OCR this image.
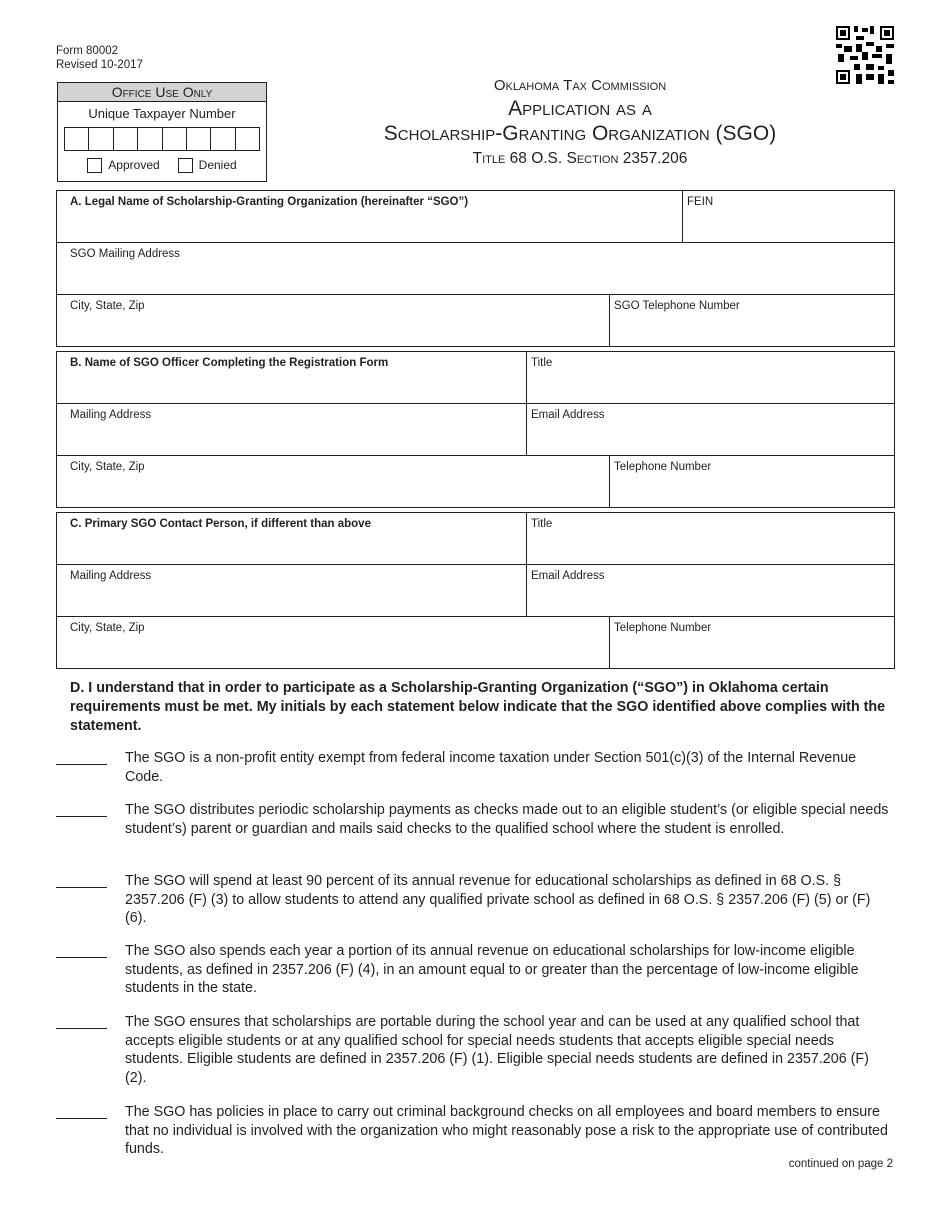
Form 80002
Revised 10-2017
Office Use Only
Unique Taxpayer Number
Approved	Denied
Oklahoma Tax Commission
Application as a
Scholarship-Granting Organization (SGO)
Title 68 O.S. Section 2357.206
A. Legal Name of Scholarship-Granting Organization (hereinafter “SGO”)	FEIN
SGO Mailing Address
City, State, Zip	SGO Telephone Number
B. Name of SGO Officer Completing the Registration Form	Title
Mailing Address	Email Address
City, State, Zip	Telephone Number
C. Primary SGO Contact Person, if different than above	Title
Mailing Address	Email Address
City, State, Zip	Telephone Number
D. I understand that in order to participate as a Scholarship-Granting Organization (“SGO”) in Oklahoma certain requirements must be met. My initials by each statement below indicate that the SGO identified above complies with the statement.
The SGO is a non-profit entity exempt from federal income taxation under Section 501(c)(3) of the Internal Revenue Code.
The SGO distributes periodic scholarship payments as checks made out to an eligible student’s (or eligible special needs student’s) parent or guardian and mails said checks to the qualified school where the student is enrolled.
The SGO will spend at least 90 percent of its annual revenue for educational scholarships as defined in 68 O.S. § 2357.206 (F) (3) to allow students to attend any qualified private school as defined in 68 O.S. § 2357.206 (F) (5) or (F) (6).
The SGO also spends each year a portion of its annual revenue on educational scholarships for low-income eligible students, as defined in 2357.206 (F) (4), in an amount equal to or greater than the percentage of low-income eligible students in the state.
The SGO ensures that scholarships are portable during the school year and can be used at any qualified school that accepts eligible students or at any qualified school for special needs students that accepts eligible special needs students. Eligible students are defined in 2357.206 (F) (1). Eligible special needs students are defined in 2357.206 (F) (2).
The SGO has policies in place to carry out criminal background checks on all employees and board members to ensure that no individual is involved with the organization who might reasonably pose a risk to the appropriate use of contributed funds.
continued on page 2
